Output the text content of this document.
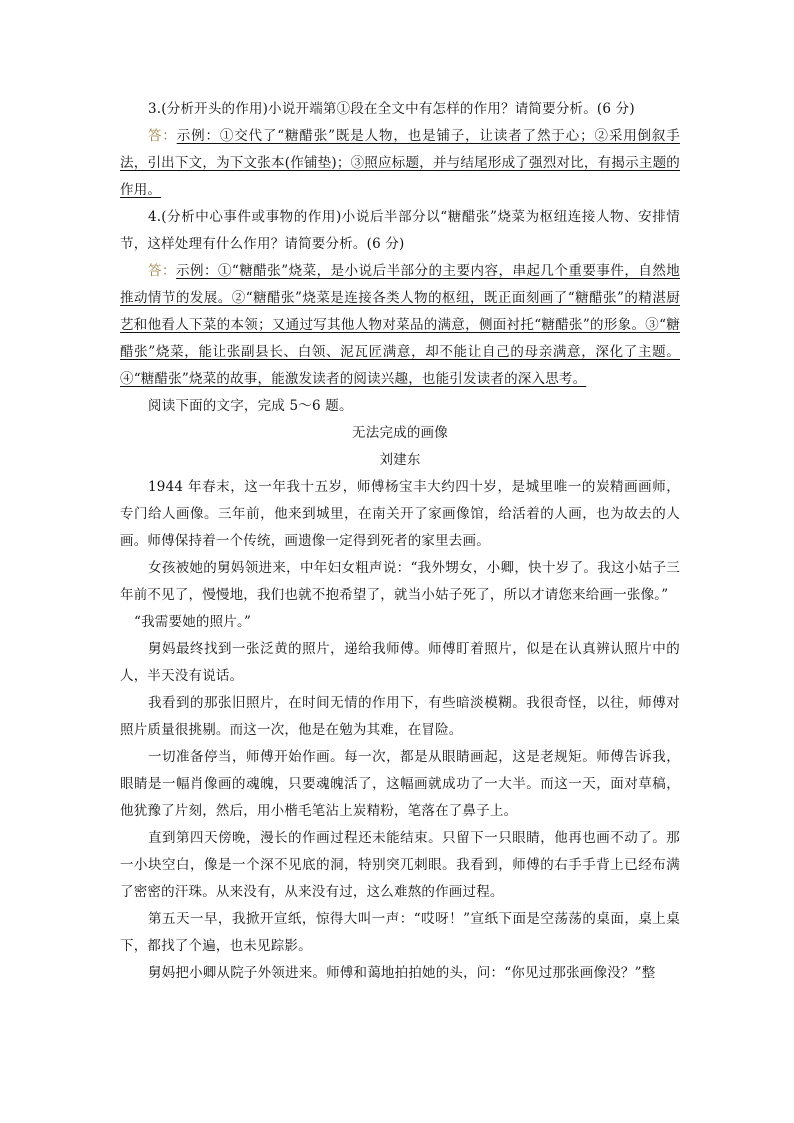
3.(分析开头的作用)小说开端第①段在全文中有怎样的作用？请简要分析。(6 分)

答：示例：①交代了“糖醋张”既是人物，也是铺子，让读者了然于心；②采用倒叙手法，引出下文，为下文张本(作铺垫)；③照应标题，并与结尾形成了强烈对比，有揭示主题的作用。

4.(分析中心事件或事物的作用)小说后半部分以“糖醋张”烧菜为枢纽连接人物、安排情节，这样处理有什么作用？请简要分析。(6 分)

答：示例：①“糖醋张”烧菜，是小说后半部分的主要内容，串起几个重要事件，自然地推动情节的发展。②“糖醋张”烧菜是连接各类人物的枢纽，既正面刻画了“糖醋张”的精湛厨艺和他看人下菜的本领；又通过写其他人物对菜品的满意，侧面衬托“糖醋张”的形象。③“糖醋张”烧菜，能让张副县长、白领、泥瓦匠满意，却不能让自己的母亲满意，深化了主题。④“糖醋张”烧菜的故事，能激发读者的阅读兴趣，也能引发读者的深入思考。

阅读下面的文字，完成 5～6 题。

无法完成的画像

刘建东

1944 年春末，这一年我十五岁，师傅杨宝丰大约四十岁，是城里唯一的炭精画画师，专门给人画像。三年前，他来到城里，在南关开了家画像馆，给活着的人画，也为故去的人画。师傅保持着一个传统，画遗像一定得到死者的家里去画。

女孩被她的舅妈领进来，中年妇女粗声说：“我外甥女，小卿，快十岁了。我这小姑子三年前不见了，慢慢地，我们也就不抱希望了，就当小姑子死了，所以才请您来给画一张像。”

“我需要她的照片。”

舅妈最终找到一张泛黄的照片，递给我师傅。师傅盯着照片，似是在认真辨认照片中的人，半天没有说话。

我看到的那张旧照片，在时间无情的作用下，有些暗淡模糊。我很奇怪，以往，师傅对照片质量很挑剔。而这一次，他是在勉为其难，在冒险。

一切准备停当，师傅开始作画。每一次，都是从眼睛画起，这是老规矩。师傅告诉我，眼睛是一幅肖像画的魂魄，只要魂魄活了，这幅画就成功了一大半。而这一天，面对草稿，他犹豫了片刻，然后，用小楷毛笔沾上炭精粉，笔落在了鼻子上。

直到第四天傍晚，漫长的作画过程还未能结束。只留下一只眼睛，他再也画不动了。那一小块空白，像是一个深不见底的洞，特别突兀刺眼。我看到，师傅的右手手背上已经布满了密密的汗珠。从来没有，从来没有过，这么难熬的作画过程。

第五天一早，我掀开宣纸，惊得大叫一声：“哎呀！”宣纸下面是空荡荡的桌面，桌上桌下，都找了个遍，也未见踪影。

舅妈把小卿从院子外领进来。师傅和蔼地拍拍她的头，问：“你见过那张画像没？”整
